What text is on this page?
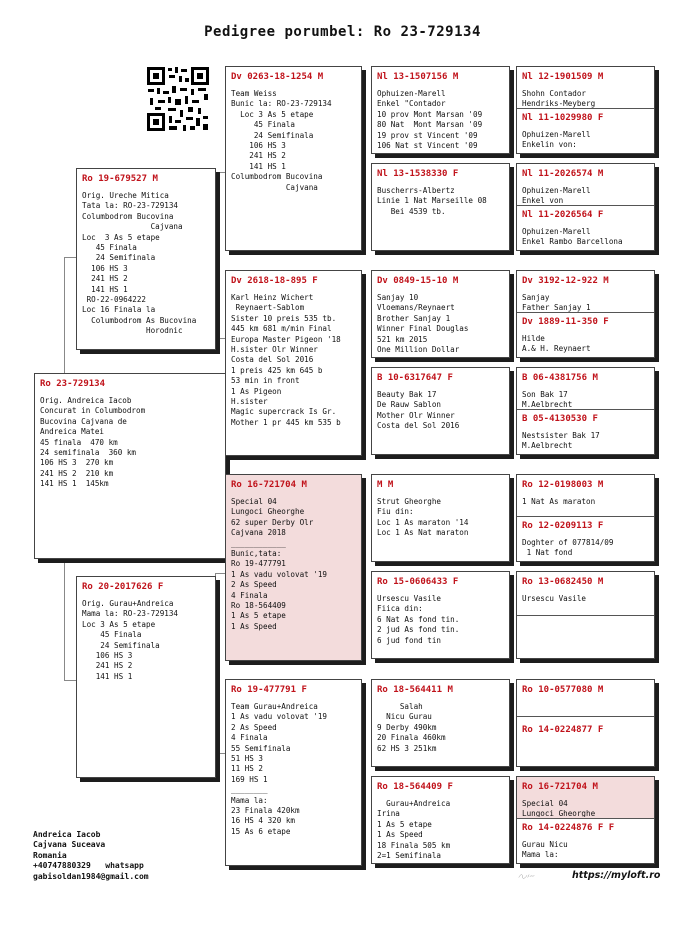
Pedigree porumbel: Ro 23-729134
Ro 23-729134
Orig. Andreica Iacob
Concurat in Columbodrom
Bucovina Cajvana de
Andreica Matei
45 finala  470 km
24 semifinala  360 km
106 HS 3  270 km
241 HS 2  210 km
141 HS 1  145km
Ro 19-679527 M
Orig. Ureche Mitica
Tata la: RO-23-729134
Columbodrom Bucovina
Cajvana
Loc  3 As 5 etape
45 Finala
24 Semifinala
106 HS 3
241 HS 2
141 HS 1
RO-22-0964222
Loc 16 Finala la
Columbodrom As Bucovina
Horodnic
Ro 20-2017626 F
Orig. Gurau+Andreica
Mama la: RO-23-729134
Loc 3 As 5 etape
45 Finala
24 Semifinala
106 HS 3
241 HS 2
141 HS 1
Dv 0263-18-1254 M
Team Weiss
Bunic la: RO-23-729134
Loc 3 As 5 etape
45 Finala
24 Semifinala
106 HS 3
241 HS 2
141 HS 1
Columbodrom Bucovina
Cajvana
Dv 2618-18-895 F
Karl Heinz Wichert
Reynaert-Sablom
Sister 10 preis 535 tb.
445 km 681 m/min Final
Europa Master Pigeon '18
H.sister Olr Winner
Costa del Sol 2016
1 preis 425 km 645 b
53 min in front
1 As Pigeon
H.sister
Magic supercrack Is Gr.
Mother 1 pr 445 km 535 b
Ro 16-721704 M
Special 04
Lungoci Gheorghe
62 super Derby Olr
Cajvana 2018
____________
Bunic,tata:
Ro 19-477791
1 As vadu volovat '19
2 As Speed
4 Finala
Ro 18-564409
1 As 5 etape
1 As Speed
Ro 19-477791 F
Team Gurau+Andreica
1 As vadu volovat '19
2 As Speed
4 Finala
55 Semifinala
51 HS 3
11 HS 2
169 HS 1
________
Mama la:
23 Finala 420km
16 HS 4 320 km
15 As 6 etape
Nl 13-1507156 M
Ophuizen-Marell
Enkel "Contador
10 prov Mont Marsan '09
80 Nat  Mont Marsan '09
19 prov st Vincent '09
106 Nat st Vincent '09
Nl 13-1538330 F
Buscherrs-Albertz
Linie 1 Nat Marseille 08
Bei 4539 tb.
Dv 0849-15-10 M
Sanjay 10
Vloemans/Reynaert
Brother Sanjay 1
Winner Final Douglas
521 km 2015
One Million Dollar
B 10-6317647 F
Beauty Bak 17
De Rauw Sablon
Mother Olr Winner
Costa del Sol 2016
M M
Strut Gheorghe
Fiu din:
Loc 1 As maraton '14
Loc 1 As Nat maraton
Ro 15-0606433 F
Ursescu Vasile
Fiica din:
6 Nat As fond tin.
2 jud As fond tin.
6 jud fond tin
Ro 18-564411 M
Salah
Nicu Gurau
9 Derby 490km
20 Finala 460km
62 HS 3 251km
Ro 18-564409 F
Gurau+Andreica
Irina
1 As 5 etape
1 As Speed
18 Finala 505 km
2=1 Semifinala
Nl 12-1901509 M
Shohn Contador
Hendriks-Meyberg
Nl 11-1029980 F
Ophuizen-Marell
Enkelin von:
Nl 11-2026574 M
Ophuizen-Marell
Enkel von
Nl 11-2026564 F
Ophuizen-Marell
Enkel Rambo Barcellona
Dv 3192-12-922 M
Sanjay
Father Sanjay 1
Dv 1889-11-350 F
Hilde
A.& H. Reynaert
B 06-4381756 M
Son Bak 17
M.Aelbrecht
B 05-4130530 F
Nestsister Bak 17
M.Aelbrecht
Ro 12-0198003 M
1 Nat As maraton
Ro 12-0209113 F
Doghter of 077814/09
1 Nat fond
Ro 13-0682450 M
Ursescu Vasile
Ro 10-0577080 M
Ro 14-0224877 F
Ro 16-721704 M
Special 04
Lungoci Gheorghe
Ro 14-0224876 F F
Gurau Nicu
Mama la:
Andreica Iacob
Cajvana Suceava
Romania
+40747880329   whatsapp
gabisoldan1984@gmail.com	https://myloft.ro
